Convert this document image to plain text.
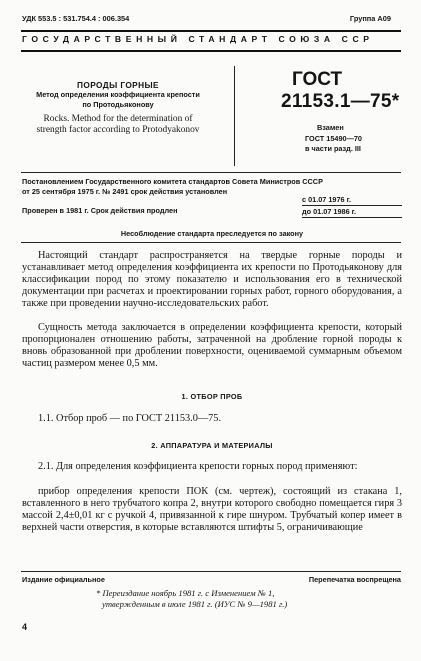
УДК 553.5 : 531.754.4 : 006.354	Группа А09
ГОСУДАРСТВЕННЫЙ СТАНДАРТ СОЮЗА ССР
ПОРОДЫ ГОРНЫЕ
Метод определения коэффициента крепости
по Протодьяконову
Rocks. Method for the determination of
strength factor according to Protodyakonov
ГОСТ
21153.1—75*
Взамен
ГОСТ 15490—70
в части разд. III
Постановлением Государственного комитета стандартов Совета Министров СССР
от 25 сентября 1975 г. № 2491 срок действия установлен
с 01.07 1976 г.
до 01.07 1986 г.
Проверен в 1981 г. Срок действия продлен
Несоблюдение стандарта преследуется по закону
Настоящий стандарт распространяется на твердые горные породы и устанавливает метод определения коэффициента их крепости по Протодьяконову для классификации пород по этому показателю и использования его в технической документации при расчетах и проектировании горных работ, горного оборудования, а также при проведении научно-исследовательских работ.
Сущность метода заключается в определении коэффициента крепости, который пропорционален отношению работы, затраченной на дробление горной породы к вновь образованной при дроблении поверхности, оцениваемой суммарным объемом частиц размером менее 0,5 мм.
1. ОТБОР ПРОБ
1.1. Отбор проб — по ГОСТ 21153.0—75.
2. АППАРАТУРА И МАТЕРИАЛЫ
2.1. Для определения коэффициента крепости горных пород применяют:
прибор определения крепости ПОК (см. чертеж), состоящий из стакана 1, вставленного в него трубчатого копра 2, внутри которого свободно помещается гиря 3 массой 2,4±0,01 кг с ручкой 4, привязанной к гире шнуром. Трубчатый копер имеет в верхней части отверстия, в которые вставляются штифты 5, ограничивающие
Издание официальное	Перепечатка воспрещена
* Переиздание ноябрь 1981 г. с Изменением № 1,
утвержденным в июле 1981 г. (ИУС № 9—1981 г.)
4
